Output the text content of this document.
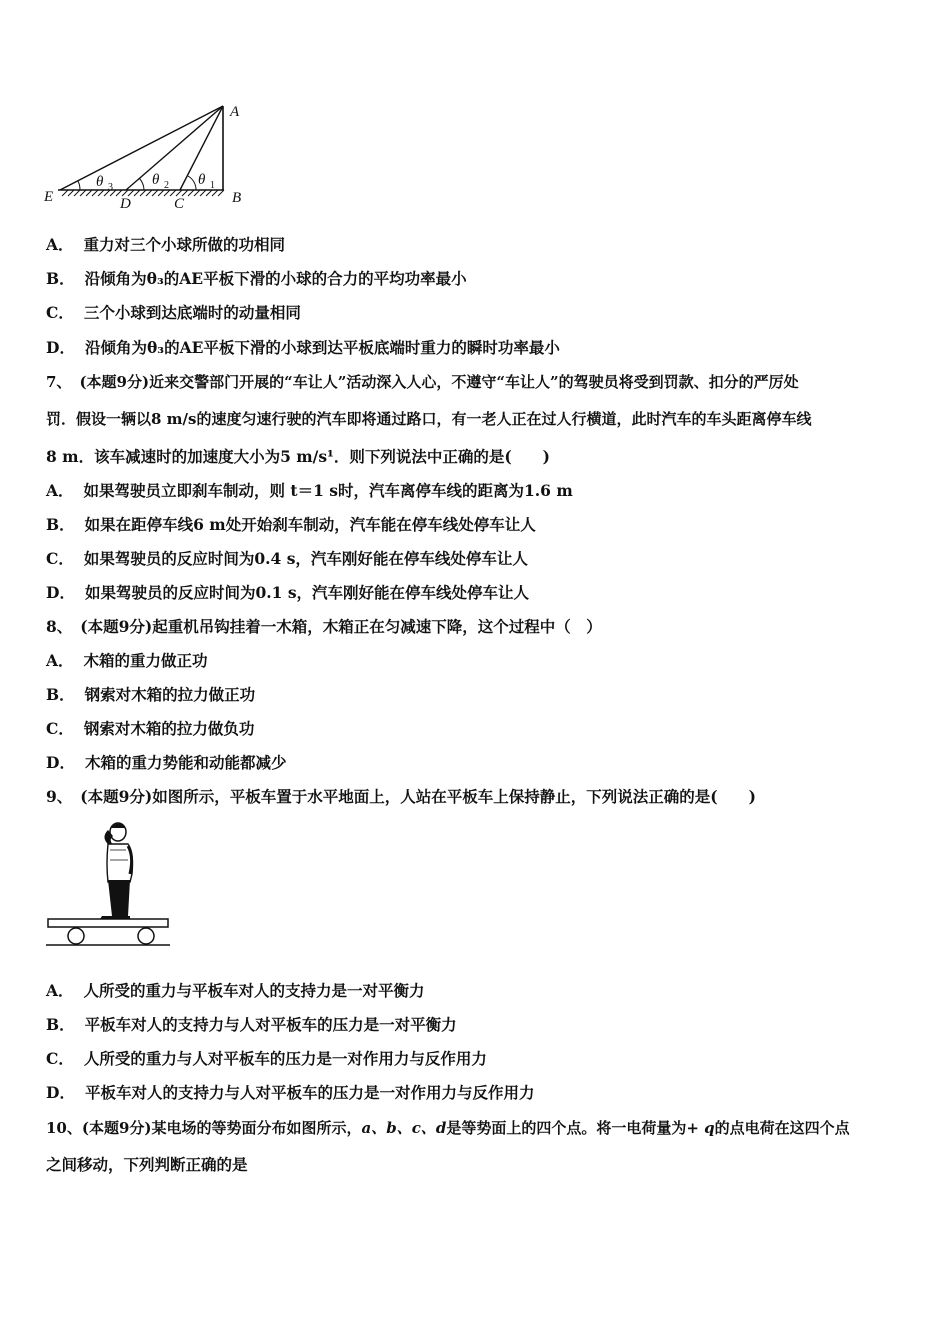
A
B
C
D
E
θ 3	θ 2 θ 1
A． 重力对三个小球所做的功相同
B． 沿倾角为θ₃的AE平板下滑的小球的合力的平均功率最小
C． 三个小球到达底端时的动量相同
D． 沿倾角为θ₃的AE平板下滑的小球到达平板底端时重力的瞬时功率最小
7、 (本题9分)近来交警部门开展的“车让人”活动深入人心，不遵守“车让人”的驾驶员将受到罚款、扣分的严厉处
罚．假设一辆以8 m/s的速度匀速行驶的汽车即将通过路口，有一老人正在过人行横道，此时汽车的车头距离停车线
8 m．该车减速时的加速度大小为5 m/s¹．则下列说法中正确的是(　　)
A． 如果驾驶员立即刹车制动，则 t＝1 s时，汽车离停车线的距离为1.6 m
B． 如果在距停车线6 m处开始刹车制动，汽车能在停车线处停车让人
C． 如果驾驶员的反应时间为0.4 s，汽车刚好能在停车线处停车让人
D． 如果驾驶员的反应时间为0.1 s，汽车刚好能在停车线处停车让人
8、 (本题9分)起重机吊钩挂着一木箱，木箱正在匀减速下降，这个过程中（　）
A． 木箱的重力做正功
B． 钢索对木箱的拉力做正功
C． 钢索对木箱的拉力做负功
D． 木箱的重力势能和动能都减少
9、 (本题9分)如图所示，平板车置于水平地面上，人站在平板车上保持静止，下列说法正确的是(　　)
A． 人所受的重力与平板车对人的支持力是一对平衡力
B． 平板车对人的支持力与人对平板车的压力是一对平衡力
C． 人所受的重力与人对平板车的压力是一对作用力与反作用力
D． 平板车对人的支持力与人对平板车的压力是一对作用力与反作用力
10、(本题9分)某电场的等势面分布如图所示，a、b、c、d是等势面上的四个点。将一电荷量为+ q的点电荷在这四个点
之间移动，下列判断正确的是
